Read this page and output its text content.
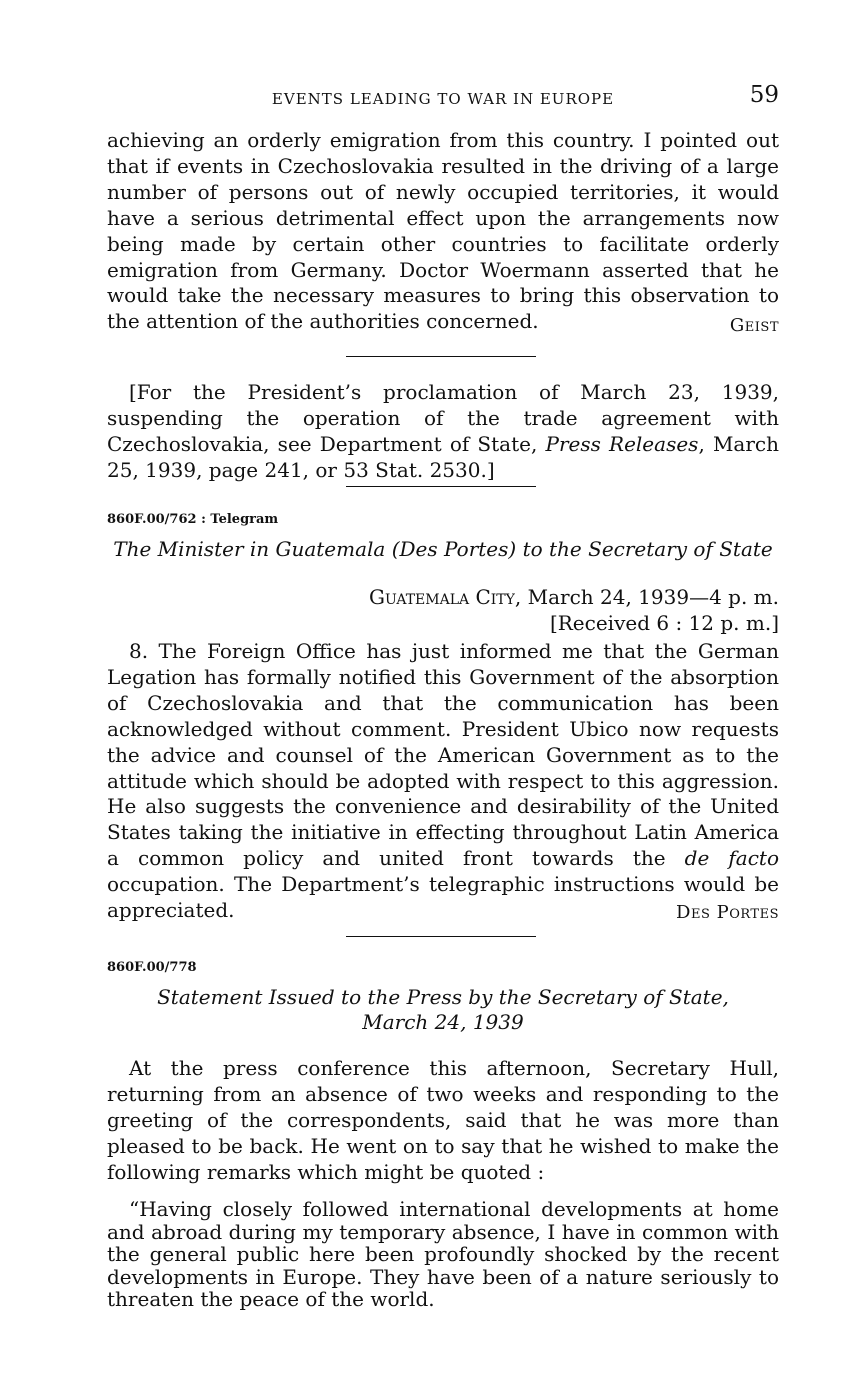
EVENTS LEADING TO WAR IN EUROPE	59
achieving an orderly emigration from this country. I pointed out that if events in Czechoslovakia resulted in the driving of a large number of persons out of newly occupied territories, it would have a serious detrimental effect upon the arrangements now being made by certain other countries to facilitate orderly emigration from Germany. Doctor Woermann asserted that he would take the necessary measures to bring this observation to the attention of the authorities concerned.	Geist
[For the President’s proclamation of March 23, 1939, suspending the operation of the trade agreement with Czechoslovakia, see Department of State, Press Releases, March 25, 1939, page 241, or 53 Stat. 2530.]
860F.00/762 : Telegram
The Minister in Guatemala (Des Portes) to the Secretary of State
Guatemala City, March 24, 1939—4 p. m.
[Received 6 : 12 p. m.]
8. The Foreign Office has just informed me that the German Legation has formally notified this Government of the absorption of Czechoslovakia and that the communication has been acknowledged without comment. President Ubico now requests the advice and counsel of the American Government as to the attitude which should be adopted with respect to this aggression. He also suggests the convenience and desirability of the United States taking the initiative in effecting throughout Latin America a common policy and united front towards the de facto occupation. The Department’s telegraphic instructions would be appreciated.	Des Portes
860F.00/778
Statement Issued to the Press by the Secretary of State,
March 24, 1939
At the press conference this afternoon, Secretary Hull, returning from an absence of two weeks and responding to the greeting of the correspondents, said that he was more than pleased to be back. He went on to say that he wished to make the following remarks which might be quoted :
“Having closely followed international developments at home and abroad during my temporary absence, I have in common with the general public here been profoundly shocked by the recent developments in Europe. They have been of a nature seriously to threaten the peace of the world.
